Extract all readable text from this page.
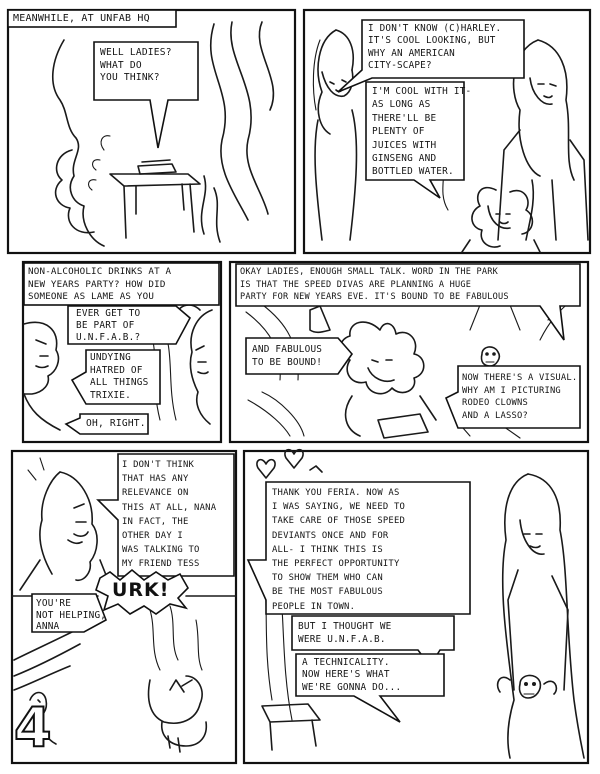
MEANWHILE, AT UNFAB HQ
WELL LADIES?
WHAT DO
YOU THINK?
I DON'T KNOW (C)HARLEY.
IT'S COOL LOOKING, BUT
WHY AN AMERICAN
CITY-SCAPE?
I'M COOL WITH IT-
AS LONG AS
THERE'LL BE
PLENTY OF
JUICES WITH
GINSENG AND
BOTTLED WATER.
NON-ALCOHOLIC DRINKS AT A
NEW YEARS PARTY? HOW DID
SOMEONE AS LAME AS YOU
EVER GET TO
BE PART OF
U.N.F.A.B.?
UNDYING
HATRED OF
ALL THINGS
TRIXIE.
OH, RIGHT.
OKAY LADIES, ENOUGH SMALL TALK. WORD IN THE PARK
IS THAT THE SPEED DIVAS ARE PLANNING A HUGE
PARTY FOR NEW YEARS EVE. IT'S BOUND TO BE FABULOUS
AND FABULOUS
TO BE BOUND!
NOW THERE'S A VISUAL.
WHY AM I PICTURING
RODEO CLOWNS
AND A LASSO?
I DON'T THINK
THAT HAS ANY
RELEVANCE ON
THIS AT ALL, NANA
IN FACT, THE
OTHER DAY I
WAS TALKING TO
MY FRIEND TESS
URK!
YOU'RE
NOT HELPING,
ANNA
THANK YOU FERIA. NOW AS
I WAS SAYING, WE NEED TO
TAKE CARE OF THOSE SPEED
DEVIANTS ONCE AND FOR
ALL- I THINK THIS IS
THE PERFECT OPPORTUNITY
TO SHOW THEM WHO CAN
BE THE MOST FABULOUS
PEOPLE IN TOWN.
BUT I THOUGHT WE
WERE U.N.F.A.B.
A TECHNICALITY.
NOW HERE'S WHAT
WE'RE GONNA DO...
4
